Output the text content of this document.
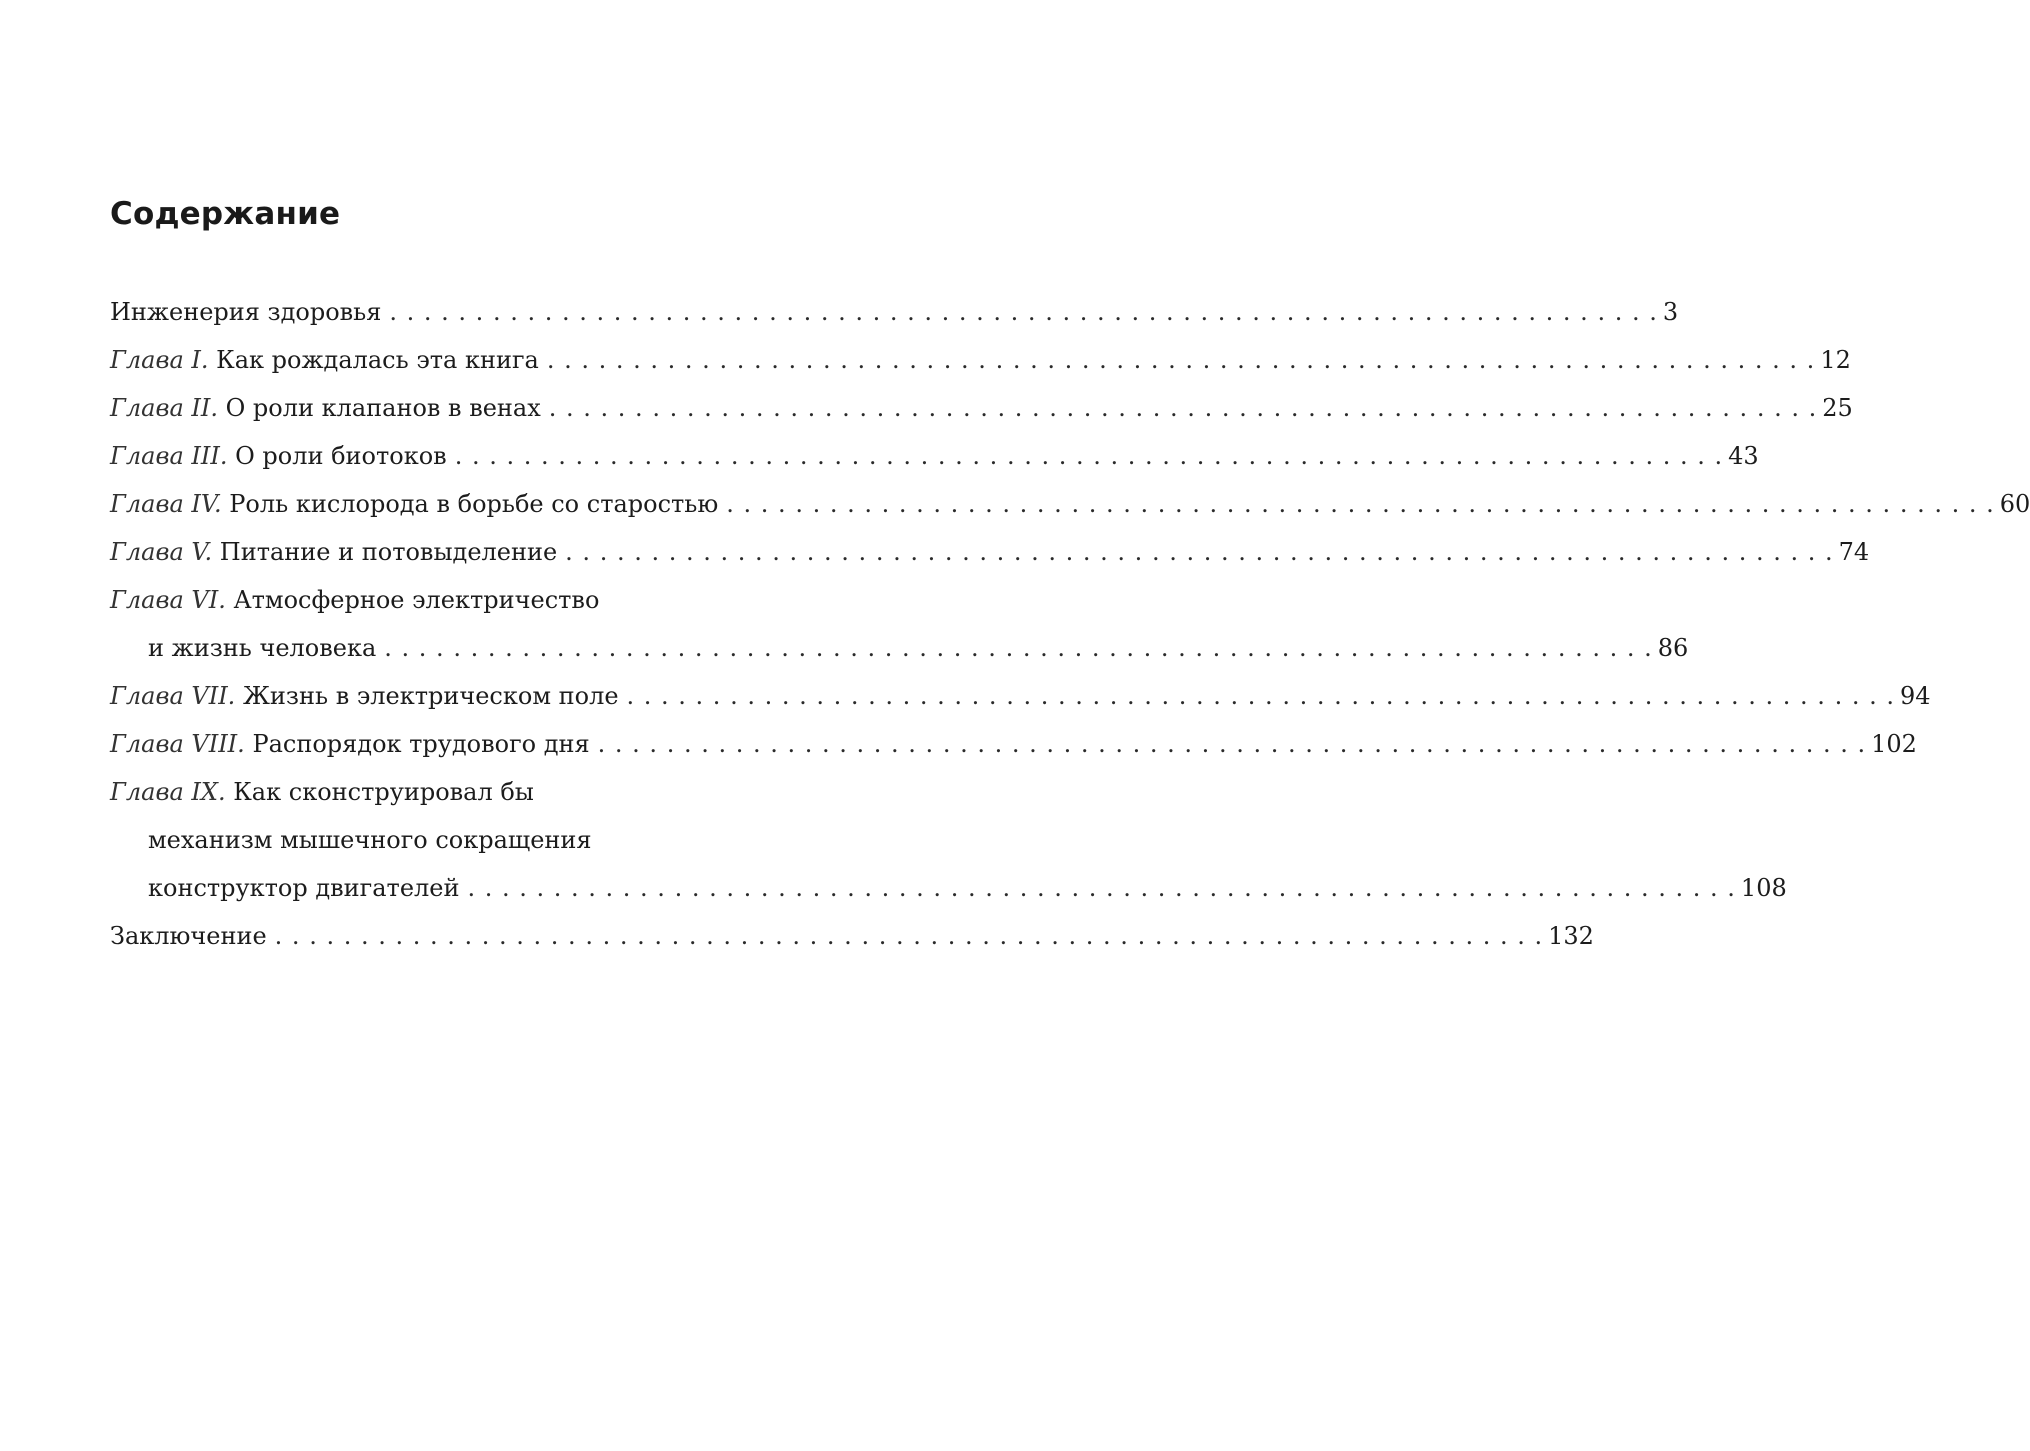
Содержание
Инженерия здоровья . . .	3
Глава I. Как рождалась эта книга . . .	12
Глава II. О роли клапанов в венах . . .	25
Глава III. О роли биотоков . . .	43
Глава IV. Роль кислорода в борьбе со старостью . . .	60
Глава V. Питание и потовыделение . . .	74
Глава VI. Атмосферное электричество
и жизнь человека . . .	86
Глава VII. Жизнь в электрическом поле . . .	94
Глава VIII. Распорядок трудового дня . . .	102
Глава IX. Как сконструировал бы
механизм мышечного сокращения
конструктор двигателей . . .	108
Заключение . . .	132
